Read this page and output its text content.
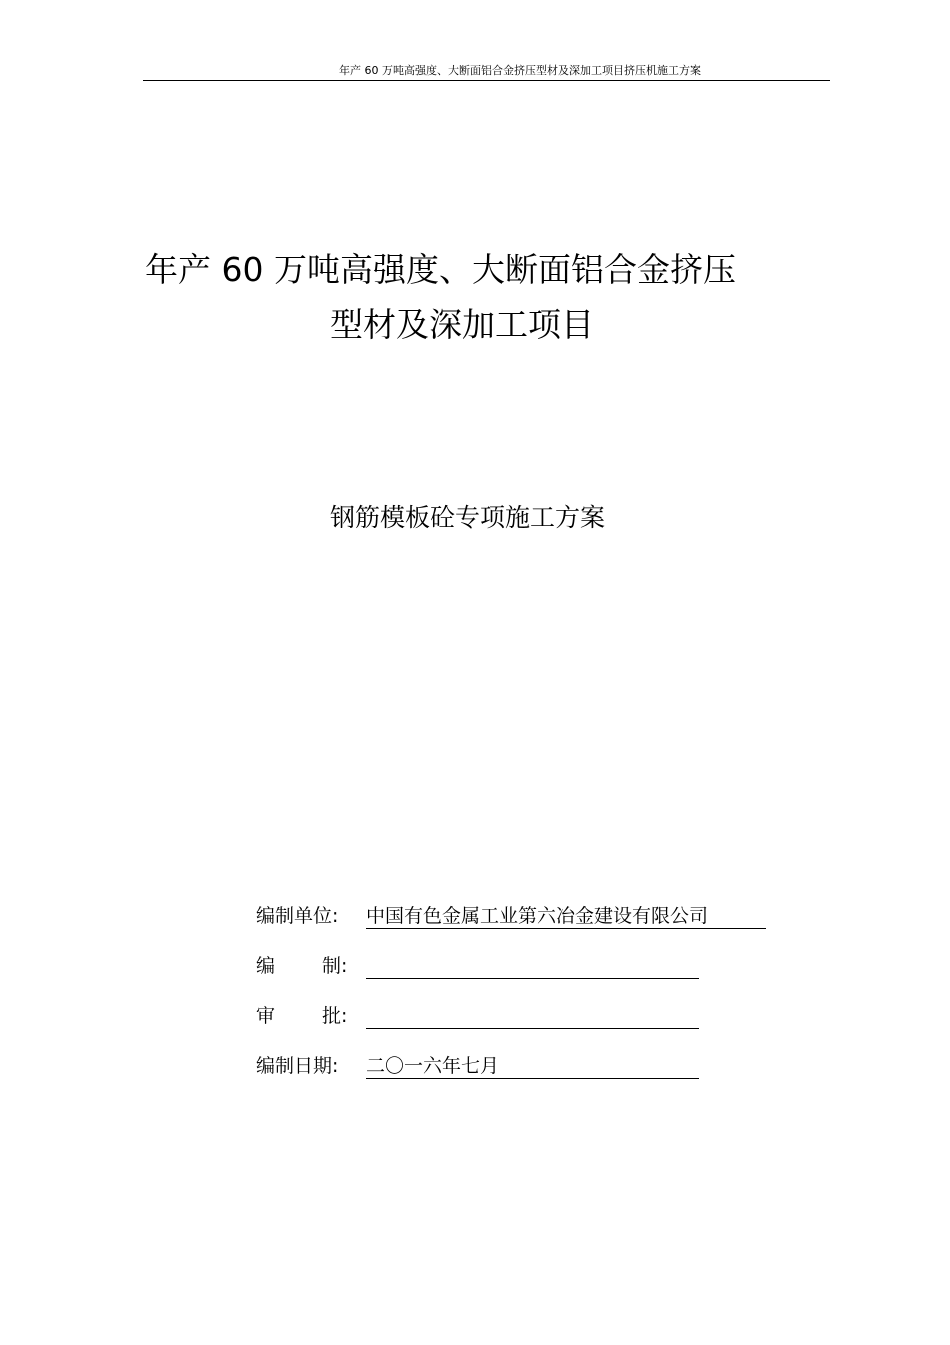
年产 60 万吨高强度、大断面铝合金挤压型材及深加工项目挤压机施工方案
年产 60 万吨高强度、大断面铝合金挤压
型材及深加工项目
钢筋模板砼专项施工方案
编制单位: 中国有色金属工业第六冶金建设有限公司
编 制:
审 批:
编制日期: 二〇一六年七月
